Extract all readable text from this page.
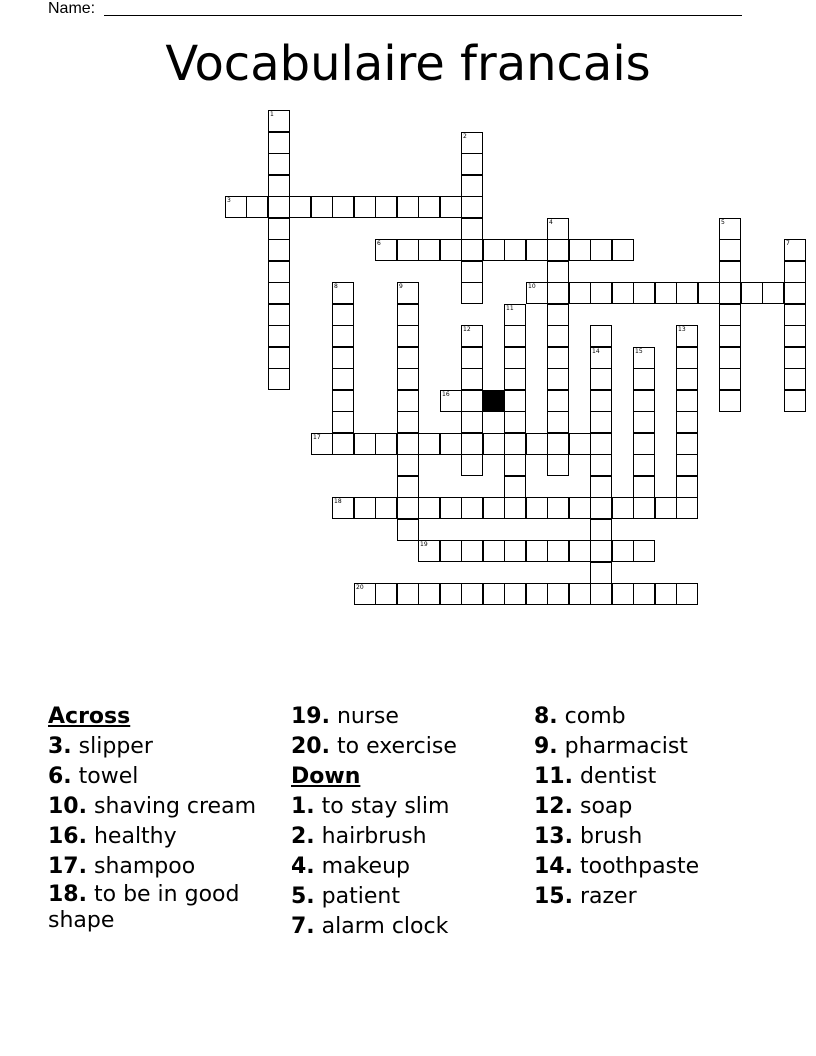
Name:
Vocabulaire francais
1
2
3
4	5
6	7
8	9	10
11
12	13
14	15
16
17
18
19
20
Across
3. slipper
6. towel
10. shaving cream
16. healthy
17. shampoo
18. to be in good shape
19. nurse
20. to exercise
Down
1. to stay slim
2. hairbrush
4. makeup
5. patient
7. alarm clock
8. comb
9. pharmacist
11. dentist
12. soap
13. brush
14. toothpaste
15. razer
